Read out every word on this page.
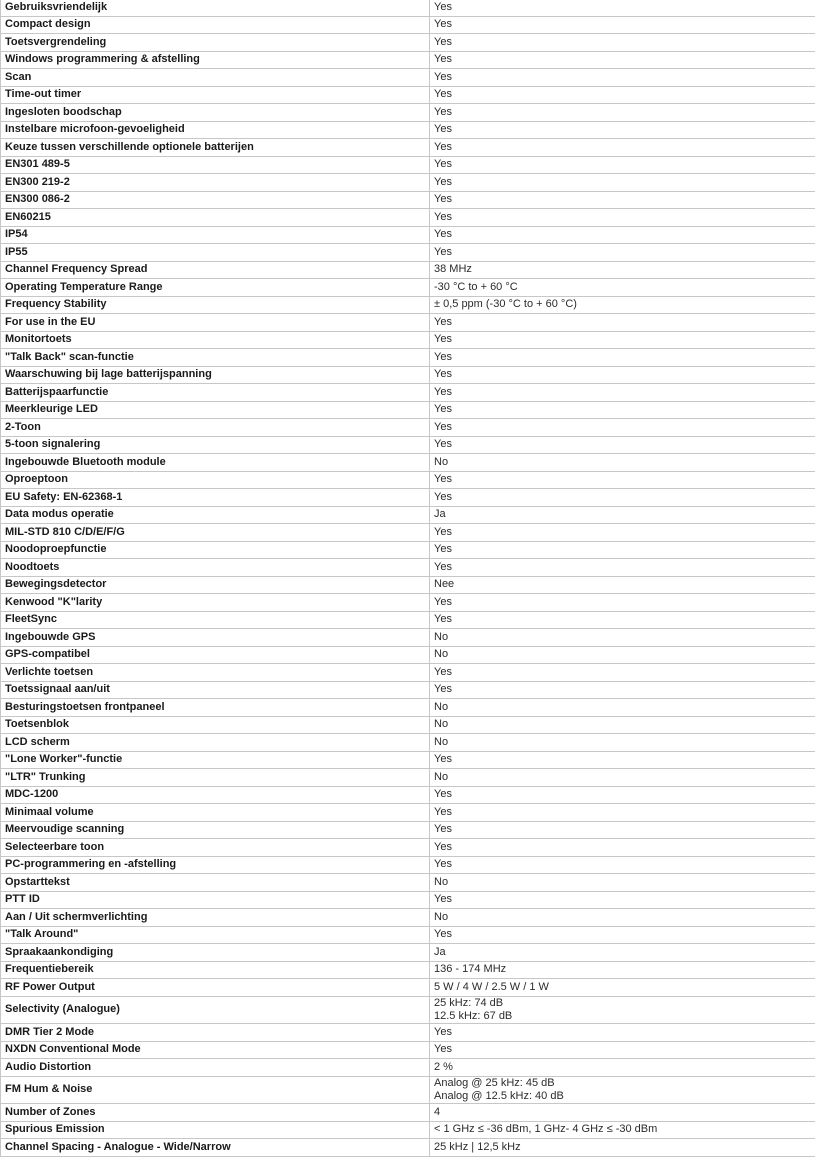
Gebruiksvriendelijk	Yes
Compact design	Yes
Toetsvergrendeling	Yes
Windows programmering & afstelling	Yes
Scan	Yes
Time-out timer	Yes
Ingesloten boodschap	Yes
Instelbare microfoon-gevoeligheid	Yes
Keuze tussen verschillende optionele batterijen	Yes
EN301 489-5	Yes
EN300 219-2	Yes
EN300 086-2	Yes
EN60215	Yes
IP54	Yes
IP55	Yes
Channel Frequency Spread	38 MHz
Operating Temperature Range	-30 °C to + 60 °C
Frequency Stability	± 0,5 ppm (-30 °C to + 60 °C)
For use in the EU	Yes
Monitortoets	Yes
"Talk Back" scan-functie	Yes
Waarschuwing bij lage batterijspanning	Yes
Batterijspaarfunctie	Yes
Meerkleurige LED	Yes
2-Toon	Yes
5-toon signalering	Yes
Ingebouwde Bluetooth module	No
Oproeptoon	Yes
EU Safety: EN-62368-1	Yes
Data modus operatie	Ja
MIL-STD 810 C/D/E/F/G	Yes
Noodoproepfunctie	Yes
Noodtoets	Yes
Bewegingsdetector	Nee
Kenwood "K"larity	Yes
FleetSync	Yes
Ingebouwde GPS	No
GPS-compatibel	No
Verlichte toetsen	Yes
Toetssignaal aan/uit	Yes
Besturingstoetsen frontpaneel	No
Toetsenblok	No
LCD scherm	No
"Lone Worker"-functie	Yes
"LTR" Trunking	No
MDC-1200	Yes
Minimaal volume	Yes
Meervoudige scanning	Yes
Selecteerbare toon	Yes
PC-programmering en -afstelling	Yes
Opstarttekst	No
PTT ID	Yes
Aan / Uit schermverlichting	No
"Talk Around"	Yes
Spraakaankondiging	Ja
Frequentiebereik	136 - 174 MHz
RF Power Output	5 W / 4 W / 2.5 W / 1 W
Selectivity (Analogue)	25 kHz: 74 dB
12.5 kHz: 67 dB

DMR Tier 2 Mode	Yes
NXDN Conventional Mode	Yes
Audio Distortion	2 %
FM Hum & Noise	Analog @ 25 kHz: 45 dB
Analog @ 12.5 kHz: 40 dB

Number of Zones	4
Spurious Emission	< 1 GHz ≤ -36 dBm, 1 GHz- 4 GHz ≤ -30 dBm
Channel Spacing - Analogue - Wide/Narrow	25 kHz | 12,5 kHz
